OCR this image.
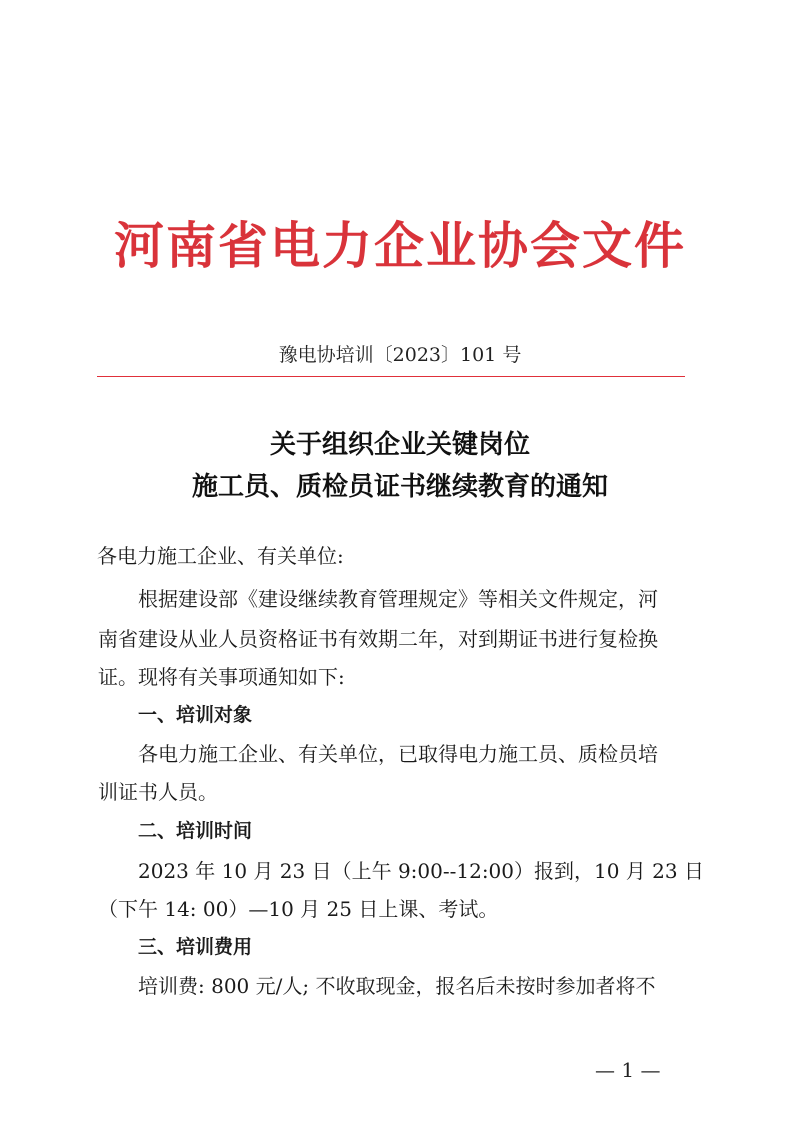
河南省电力企业协会文件
豫电协培训〔2023〕101 号
关于组织企业关键岗位
施工员、质检员证书继续教育的通知
各电力施工企业、有关单位:
根据建设部《建设继续教育管理规定》等相关文件规定，河
南省建设从业人员资格证书有效期二年，对到期证书进行复检换
证。现将有关事项通知如下:
一、培训对象
各电力施工企业、有关单位，已取得电力施工员、质检员培
训证书人员。
二、培训时间
2023 年 10 月 23 日（上午 9:00--12:00）报到，10 月 23 日
（下午 14: 00）—10 月 25 日上课、考试。
三、培训费用
培训费: 800 元/人; 不收取现金，报名后未按时参加者将不
— 1 —
